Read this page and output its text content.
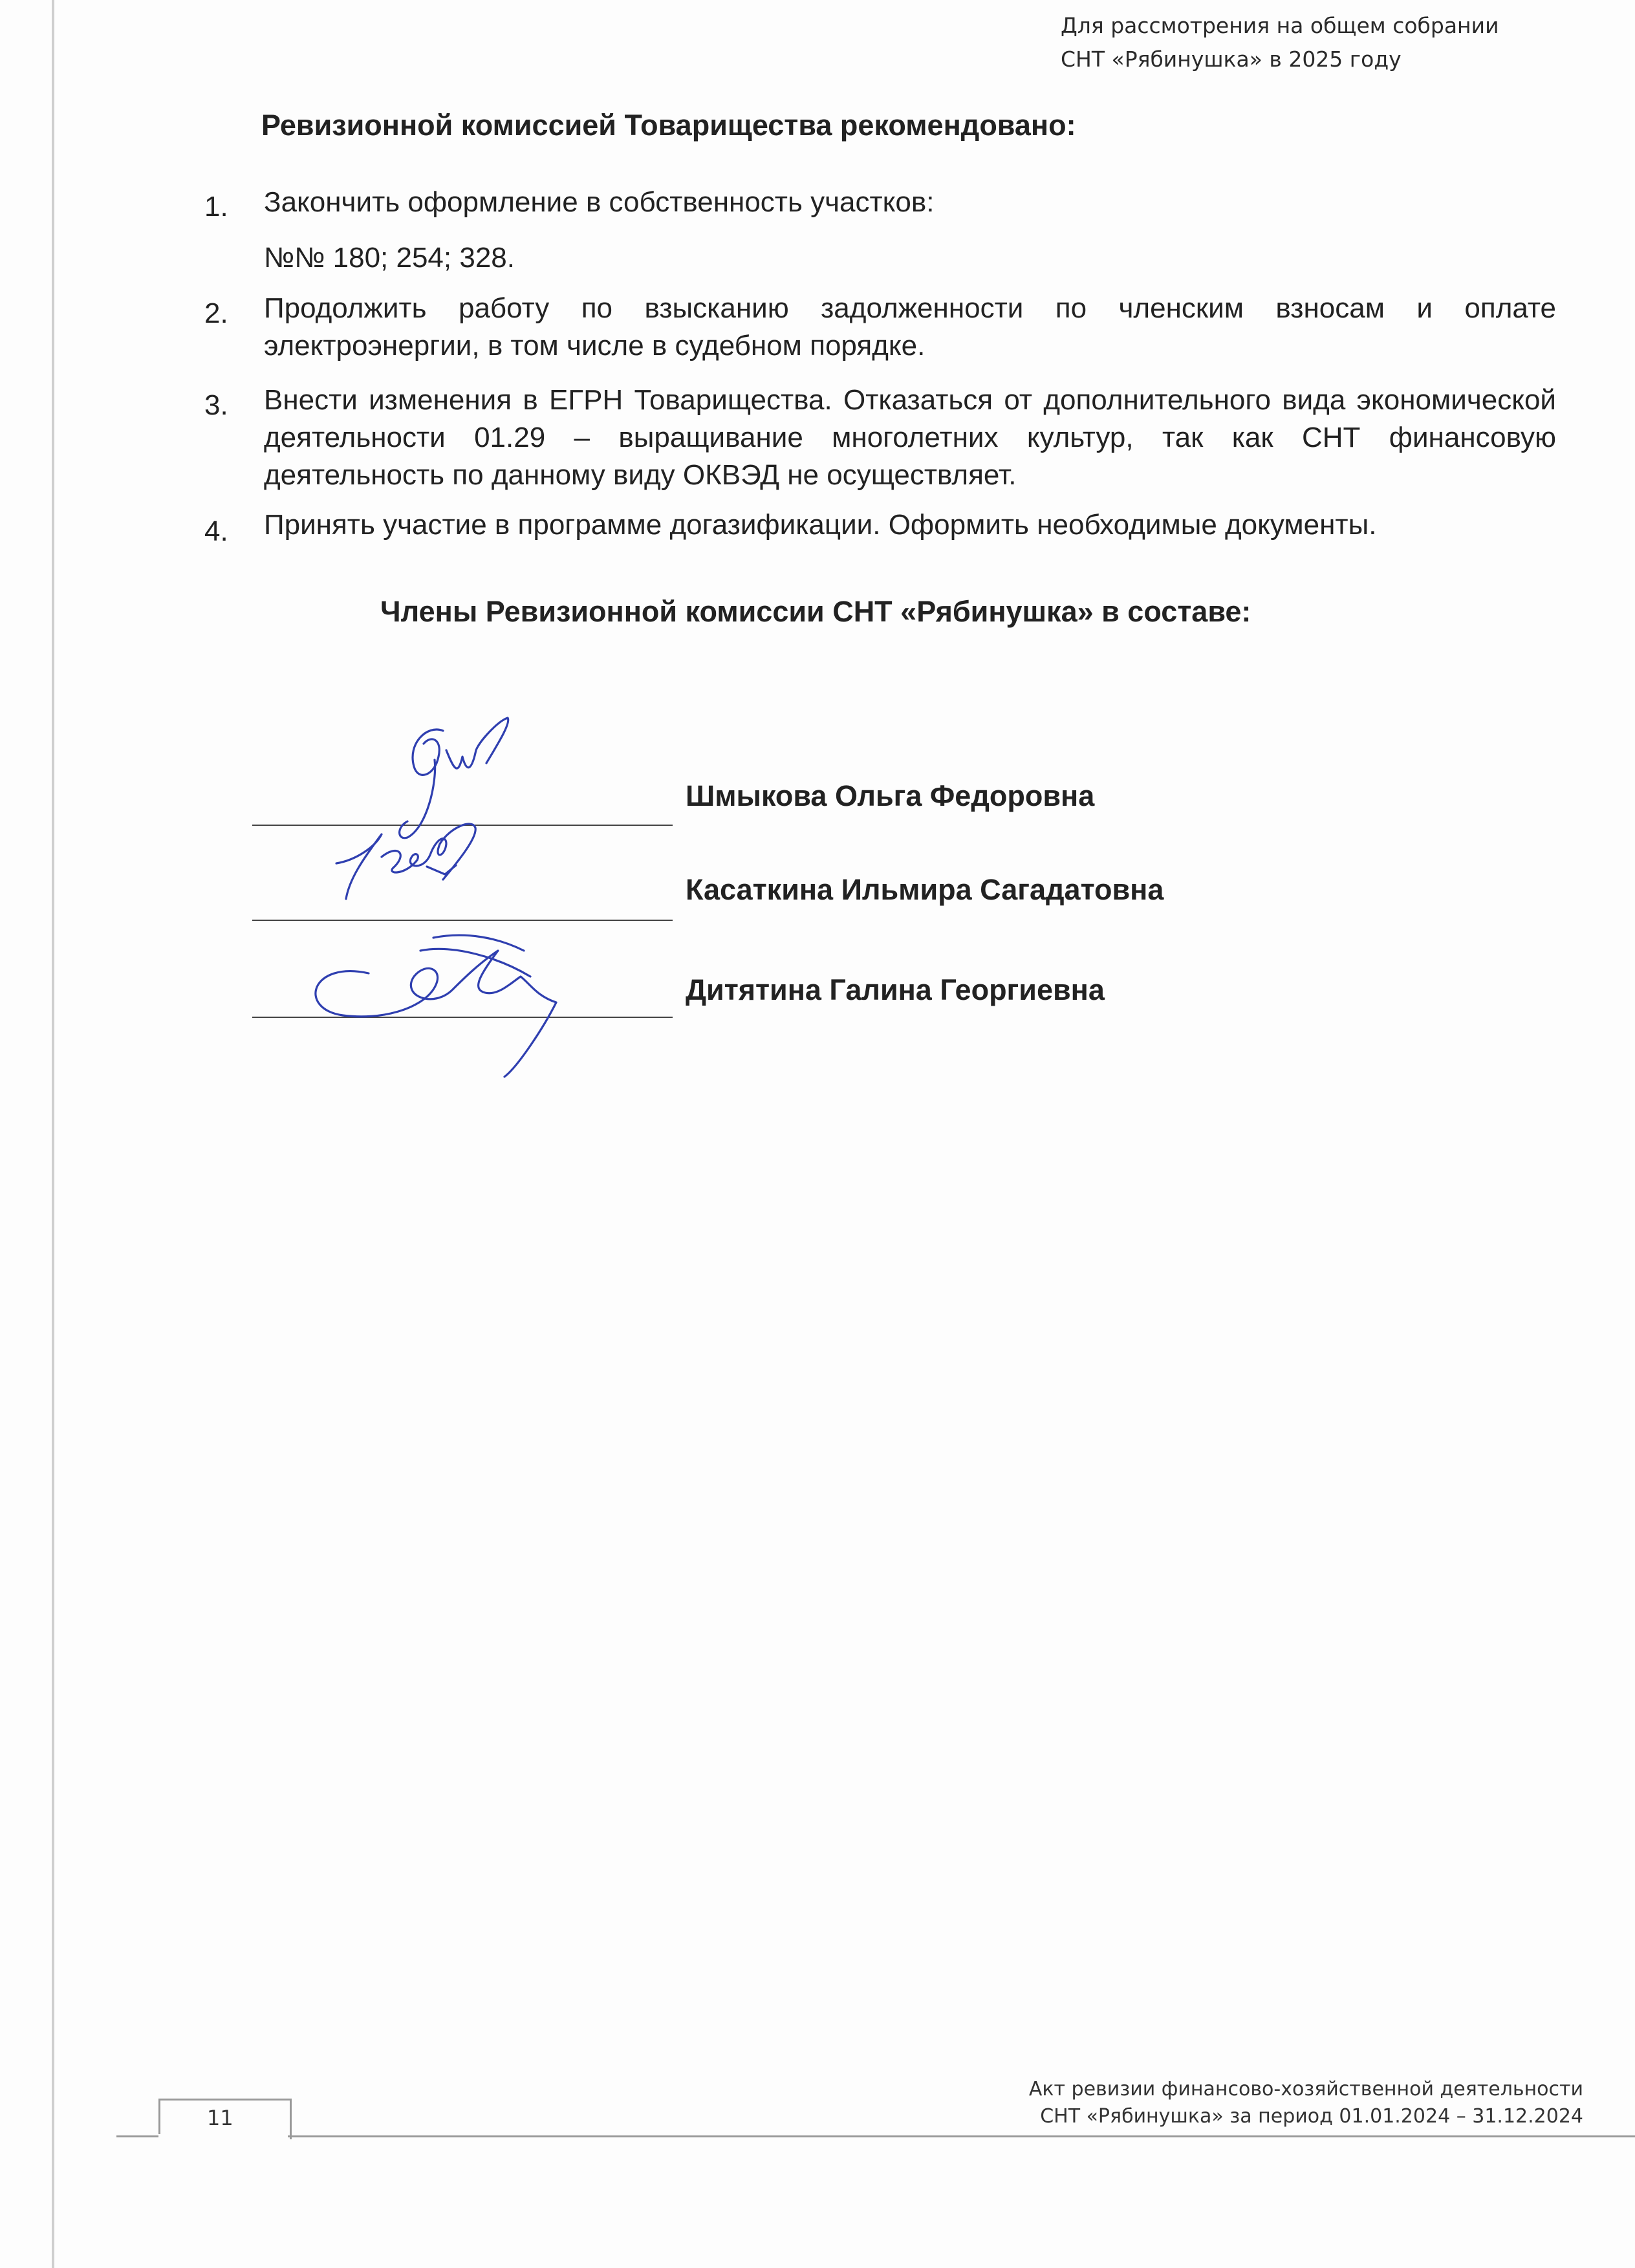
Для рассмотрения на общем собрании
СНТ «Рябинушка» в 2025 году
Ревизионной комиссией Товарищества рекомендовано:
1. Закончить оформление в собственность участков:
№№ 180; 254; 328.
2. Продолжить работу по взысканию задолженности по членским взносам и оплате электроэнергии, в том числе в судебном порядке.
3. Внести изменения в ЕГРН Товарищества. Отказаться от дополнительного вида экономической деятельности 01.29 – выращивание многолетних культур, так как СНТ финансовую деятельность по данному виду ОКВЭД не осуществляет.
4. Принять участие в программе догазификации. Оформить необходимые документы.
Члены Ревизионной комиссии СНТ «Рябинушка» в составе:
Шмыкова Ольга Федоровна
Касаткина Ильмира Сагадатовна
Дитятина Галина Георгиевна
Акт ревизии финансово-хозяйственной деятельности
СНТ «Рябинушка» за период 01.01.2024 – 31.12.2024
11
